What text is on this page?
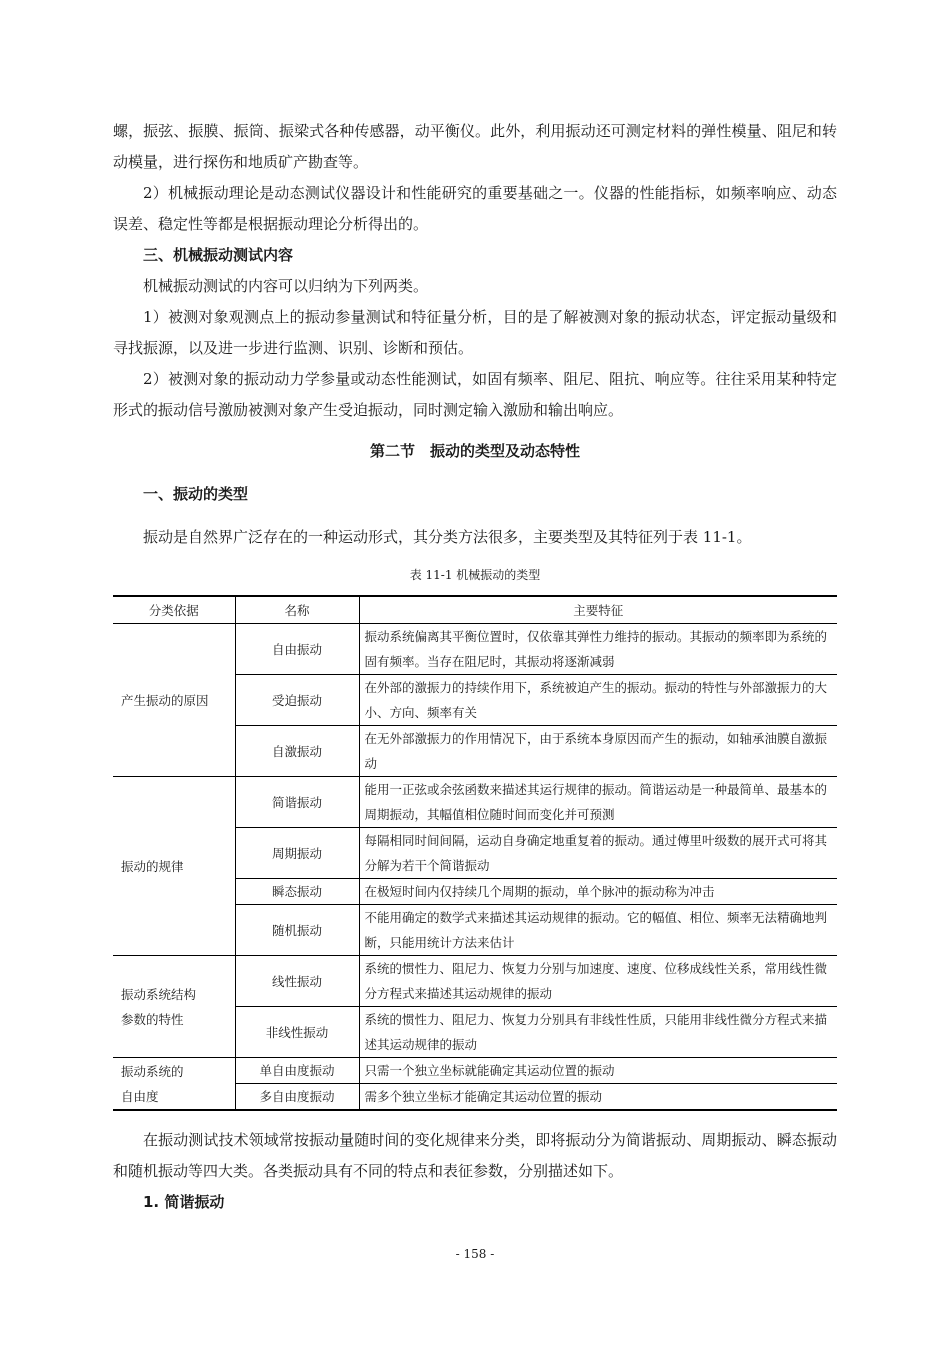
螺，振弦、振膜、振筒、振梁式各种传感器，动平衡仪。此外，利用振动还可测定材料的弹性模量、阻尼和转动模量，进行探伤和地质矿产勘查等。

2）机械振动理论是动态测试仪器设计和性能研究的重要基础之一。仪器的性能指标，如频率响应、动态误差、稳定性等都是根据振动理论分析得出的。

三、机械振动测试内容

机械振动测试的内容可以归纳为下列两类。

1）被测对象观测点上的振动参量测试和特征量分析，目的是了解被测对象的振动状态，评定振动量级和寻找振源，以及进一步进行监测、识别、诊断和预估。

2）被测对象的振动动力学参量或动态性能测试，如固有频率、阻尼、阻抗、响应等。往往采用某种特定形式的振动信号激励被测对象产生受迫振动，同时测定输入激励和输出响应。

第二节　振动的类型及动态特性

一、振动的类型

振动是自然界广泛存在的一种运动形式，其分类方法很多，主要类型及其特征列于表 11-1。

表 11-1 机械振动的类型
分类依据	名称	主要特征
产生振动的原因	自由振动	振动系统偏离其平衡位置时，仅依靠其弹性力维持的振动。其振动的频率即为系统的固有频率。当存在阻尼时，其振动将逐渐减弱
	受迫振动	在外部的激振力的持续作用下，系统被迫产生的振动。振动的特性与外部激振力的大小、方向、频率有关
	自激振动	在无外部激振力的作用情况下，由于系统本身原因而产生的振动，如轴承油膜自激振动
振动的规律	简谐振动	能用一正弦或余弦函数来描述其运行规律的振动。简谐运动是一种最简单、最基本的周期振动，其幅值相位随时间而变化并可预测
	周期振动	每隔相同时间间隔，运动自身确定地重复着的振动。通过傅里叶级数的展开式可将其分解为若干个简谐振动
	瞬态振动	在极短时间内仅持续几个周期的振动，单个脉冲的振动称为冲击
	随机振动	不能用确定的数学式来描述其运动规律的振动。它的幅值、相位、频率无法精确地判断，只能用统计方法来估计
振动系统结构
参数的特性	线性振动	系统的惯性力、阻尼力、恢复力分别与加速度、速度、位移成线性关系，常用线性微分方程式来描述其运动规律的振动
	非线性振动	系统的惯性力、阻尼力、恢复力分别具有非线性性质，只能用非线性微分方程式来描述其运动规律的振动
振动系统的
自由度	单自由度振动	只需一个独立坐标就能确定其运动位置的振动
	多自由度振动	需多个独立坐标才能确定其运动位置的振动

在振动测试技术领域常按振动量随时间的变化规律来分类，即将振动分为简谐振动、周期振动、瞬态振动和随机振动等四大类。各类振动具有不同的特点和表征参数，分别描述如下。

1. 简谐振动

- 158 -
